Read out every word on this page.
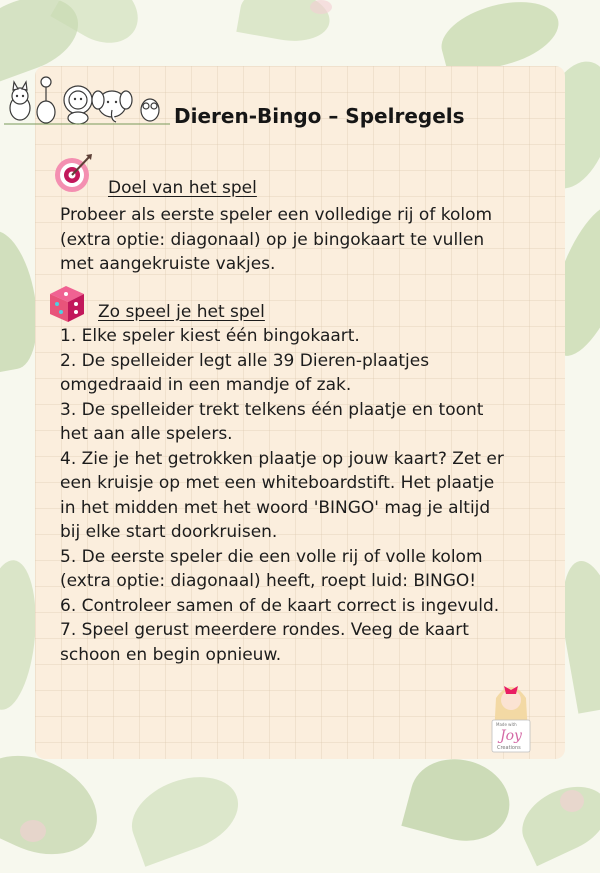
Dieren-Bingo – Spelregels
Doel van het spel
Probeer als eerste speler een volledige rij of kolom
(extra optie: diagonaal) op je bingokaart te vullen
met aangekruiste vakjes.
Zo speel je het spel
1. Elke speler kiest één bingokaart.
2. De spelleider legt alle 39 Dieren-plaatjes
omgedraaid in een mandje of zak.
3. De spelleider trekt telkens één plaatje en toont
het aan alle spelers.
4. Zie je het getrokken plaatje op jouw kaart? Zet er
een kruisje op met een whiteboardstift. Het plaatje
in het midden met het woord 'BINGO' mag je altijd
bij elke start doorkruisen.
5. De eerste speler die een volle rij of volle kolom
(extra optie: diagonaal) heeft, roept luid: BINGO!
6. Controleer samen of de kaart correct is ingevuld.
7. Speel gerust meerdere rondes. Veeg de kaart
schoon en begin opnieuw.
Joy
Made with
Creations
